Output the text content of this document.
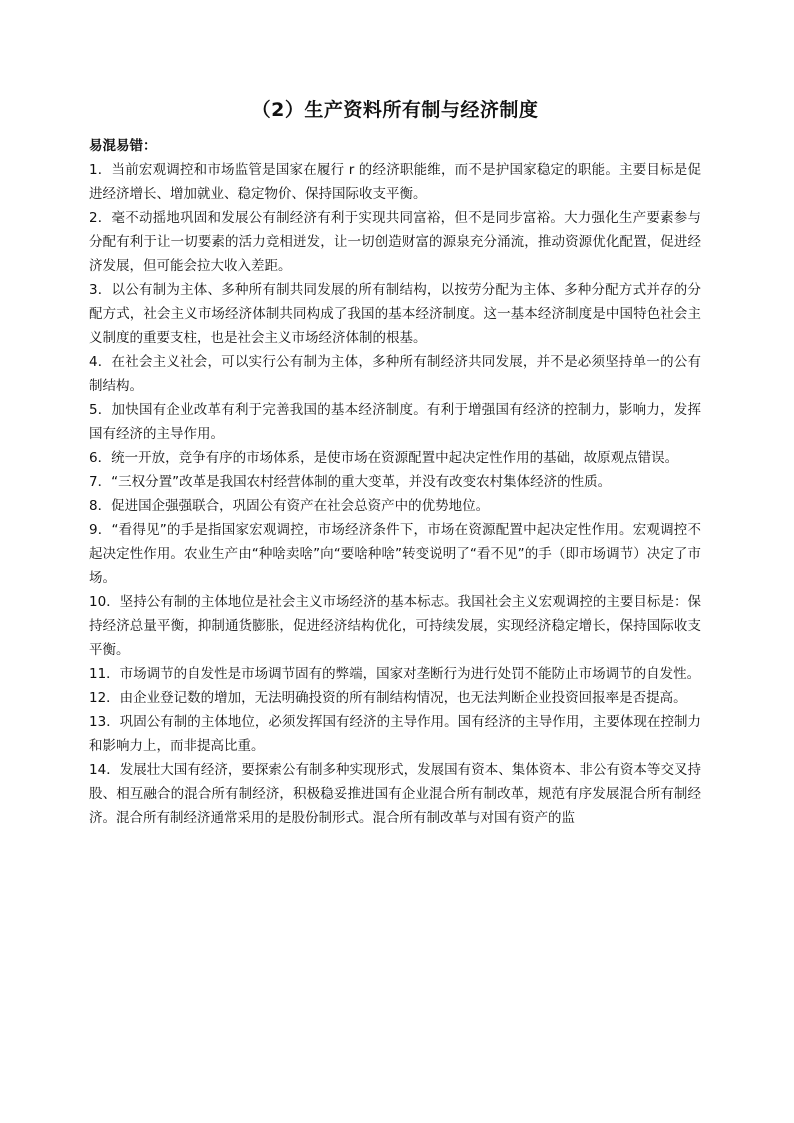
（2）生产资料所有制与经济制度

易混易错：

1．当前宏观调控和市场监管是国家在履行 r 的经济职能维，而不是护国家稳定的职能。主要目标是促进经济增长、增加就业、稳定物价、保持国际收支平衡。

2．毫不动摇地巩固和发展公有制经济有利于实现共同富裕，但不是同步富裕。大力强化生产要素参与分配有利于让一切要素的活力竞相迸发，让一切创造财富的源泉充分涌流，推动资源优化配置，促进经济发展，但可能会拉大收入差距。

3．以公有制为主体、多种所有制共同发展的所有制结构，以按劳分配为主体、多种分配方式并存的分配方式，社会主义市场经济体制共同构成了我国的基本经济制度。这一基本经济制度是中国特色社会主义制度的重要支柱，也是社会主义市场经济体制的根基。

4．在社会主义社会，可以实行公有制为主体，多种所有制经济共同发展，并不是必须坚持单一的公有制结构。

5．加快国有企业改革有利于完善我国的基本经济制度。有利于增强国有经济的控制力，影响力，发挥国有经济的主导作用。

6．统一开放，竞争有序的市场体系，是使市场在资源配置中起决定性作用的基础，故原观点错误。

7．“三权分置”改革是我国农村经营体制的重大变革，并没有改变农村集体经济的性质。

8．促进国企强强联合，巩固公有资产在社会总资产中的优势地位。

9．“看得见”的手是指国家宏观调控，市场经济条件下，市场在资源配置中起决定性作用。宏观调控不起决定性作用。农业生产由“种啥卖啥”向“要啥种啥”转变说明了“看不见”的手（即市场调节）决定了市场。

10．坚持公有制的主体地位是社会主义市场经济的基本标志。我国社会主义宏观调控的主要目标是：保持经济总量平衡，抑制通货膨胀，促进经济结构优化，可持续发展，实现经济稳定增长，保持国际收支平衡。

11．市场调节的自发性是市场调节固有的弊端，国家对垄断行为进行处罚不能防止市场调节的自发性。

12．由企业登记数的增加，无法明确投资的所有制结构情况，也无法判断企业投资回报率是否提高。

13．巩固公有制的主体地位，必须发挥国有经济的主导作用。国有经济的主导作用，主要体现在控制力和影响力上，而非提高比重。

14．发展壮大国有经济，要探索公有制多种实现形式，发展国有资本、集体资本、非公有资本等交叉持股、相互融合的混合所有制经济，积极稳妥推进国有企业混合所有制改革，规范有序发展混合所有制经济。混合所有制经济通常采用的是股份制形式。混合所有制改革与对国有资产的监
